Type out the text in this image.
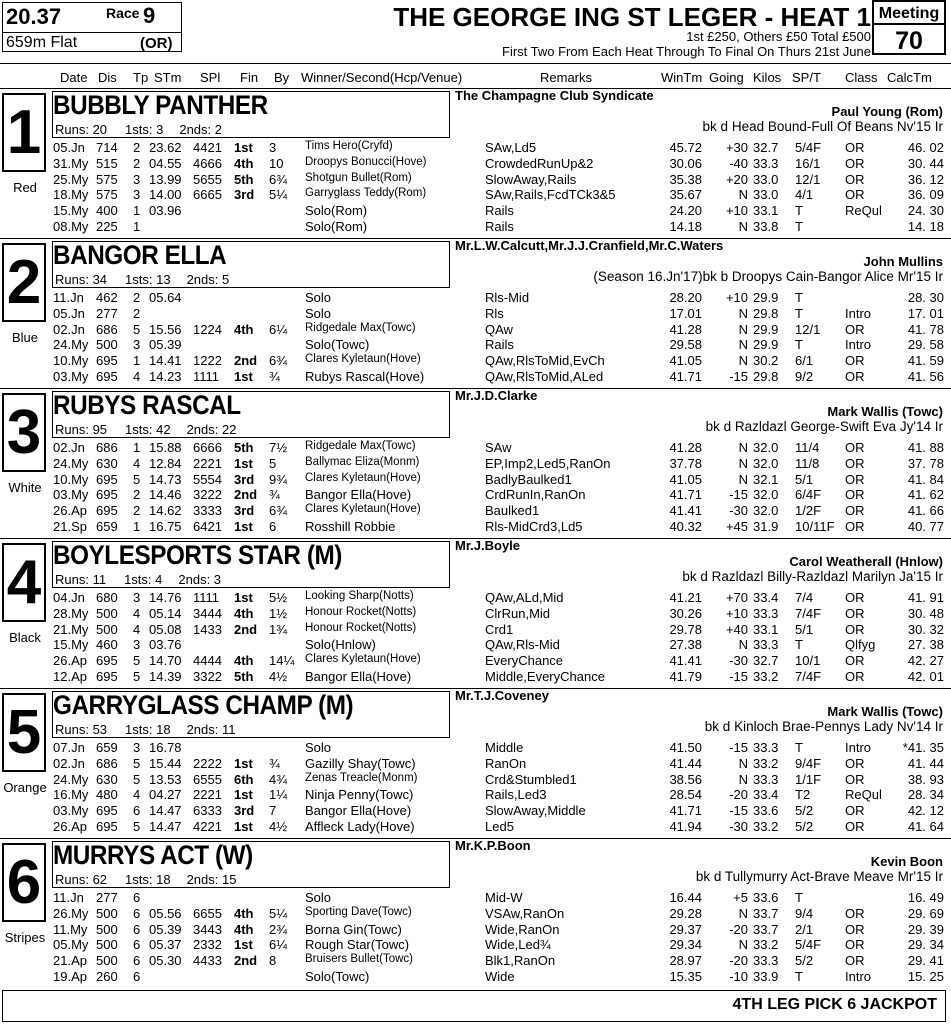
20.37	Race 9
659m Flat	(OR)
THE GEORGE ING ST LEGER - HEAT 1
1st £250, Others £50 Total £500
First Two From Each Heat Through To Final On Thurs 21st June
Meeting
70
Date Dis Tp STm SPl Fin By Winner/Second(Hcp/Venue)	Remarks	WinTm Going Kilos SP/T Class CalcTm
1
Red
BUBBLY PANTHER
Runs: 20 1sts: 3 2nds: 2
The Champagne Club Syndicate
Paul Young (Rom)
bk d Head Bound-Full Of Beans Nv'15 Ir
05.Jn 714 2 23.62 4421 1st 3	Tims Hero(Cryfd)	SAw,Ld5	45.72	+30 32.7 5/4F OR	46. 02
31.My 515 2 04.55 4666 4th 10 Droopys Bonucci(Hove)	CrowdedRunUp&2	30.06	-40 33.3 16/1 OR	30. 44
25.My 575 3 13.99 5655 5th 6¾ Shotgun Bullet(Rom)	SlowAway,Rails	35.38	+20 33.0 12/1 OR	36. 12
18.My 575 3 14.00 6665 3rd 5¼ Garryglass Teddy(Rom)	SAw,Rails,FcdTCk3&5	35.67	N 33.0 4/1 OR	36. 09
15.My 400 1 03.96	Solo(Rom)	Rails	24.20	+10 33.1 T	ReQul	24. 30
08.My 225 1	Solo(Rom)	Rails	14.18	N 33.8 T	14. 18
2
Blue
BANGOR ELLA
Runs: 34 1sts: 13 2nds: 5
Mr.L.W.Calcutt,Mr.J.J.Cranfield,Mr.C.Waters
John Mullins
(Season 16.Jn'17)bk b Droopys Cain-Bangor Alice Mr'15 Ir
11.Jn 462 2 05.64	Solo	Rls-Mid	28.20	+10 29.9 T	28. 30
05.Jn 277 2	Solo	Rls	17.01	N 29.8 T	Intro	17. 01
02.Jn 686 5 15.56 1224 4th 6¼ Ridgedale Max(Towc)	QAw	41.28	N 29.9 12/1 OR	41. 78
24.My 500 3 05.39	Solo(Towc)	Rails	29.58	N 29.9 T	Intro	29. 58
10.My 695 1 14.41 1222 2nd 6¾ Clares Kyletaun(Hove)	QAw,RlsToMid,EvCh	41.05	N 30.2 6/1 OR	41. 59
03.My 695 4 14.23 1111 1st ¾ Rubys Rascal(Hove)	QAw,RlsToMid,ALed	41.71	-15 29.8 9/2 OR	41. 56
3
White
RUBYS RASCAL
Runs: 95 1sts: 42 2nds: 22
Mr.J.D.Clarke
Mark Wallis (Towc)
bk d Razldazl George-Swift Eva Jy'14 Ir
02.Jn 686 1 15.88 6666 5th 7½ Ridgedale Max(Towc)	SAw	41.28	N 32.0 11/4 OR	41. 88
24.My 630 4 12.84 2221 1st 5	Ballymac Eliza(Monm)	EP,Imp2,Led5,RanOn	37.78	N 32.0 11/8 OR	37. 78
10.My 695 5 14.73 5554 3rd 9¾ Clares Kyletaun(Hove)	BadlyBaulked1	41.05	N 32.1 5/1 OR	41. 84
03.My 695 2 14.46 3222 2nd ¾ Bangor Ella(Hove)	CrdRunIn,RanOn	41.71	-15 32.0 6/4F OR	41. 62
26.Ap 695 2 14.62 3333 3rd 6¾ Clares Kyletaun(Hove)	Baulked1	41.41	-30 32.0 1/2F OR	41. 66
21.Sp 659 1 16.75 6421 1st 6 Rosshill Robbie	Rls-MidCrd3,Ld5	40.32	+45 31.9 10/11F OR	40. 77
4
Black
BOYLESPORTS STAR (M)
Runs: 11 1sts: 4 2nds: 3
Mr.J.Boyle
Carol Weatherall (Hnlow)
bk d Razldazl Billy-Razldazl Marilyn Ja'15 Ir
04.Jn 680 3 14.76 1111 1st 5½ Looking Sharp(Notts)	QAw,ALd,Mid	41.21	+70 33.4 7/4 OR	41. 91
28.My 500 4 05.14 3444 4th 1½ Honour Rocket(Notts)	ClrRun,Mid	30.26	+10 33.3 7/4F OR	30. 48
21.My 500 4 05.08 1433 2nd 1¾ Honour Rocket(Notts)	Crd1	29.78	+40 33.1 5/1 OR	30. 32
15.My 460 3 03.76	Solo(Hnlow)	QAw,Rls-Mid	27.38	N 33.3 T	Qlfyg	27. 38
26.Ap 695 5 14.70 4444 4th 14¼ Clares Kyletaun(Hove)	EveryChance	41.41	-30 32.7 10/1 OR	42. 27
12.Ap 695 5 14.39 3322 5th 4½ Bangor Ella(Hove)	Middle,EveryChance	41.79	-15 33.2 7/4F OR	42. 01
5
Orange
GARRYGLASS CHAMP (M)
Runs: 53 1sts: 18 2nds: 11
Mr.T.J.Coveney
Mark Wallis (Towc)
bk d Kinloch Brae-Pennys Lady Nv'14 Ir
07.Jn 659 3 16.78	Solo	Middle	41.50	-15 33.3 T	Intro	*41. 35
02.Jn 686 5 15.44 2222 1st ¾ Gazilly Shay(Towc)	RanOn	41.44	N 33.2 9/4F OR	41. 44
24.My 630 5 13.53 6555 6th 4¾ Zenas Treacle(Monm)	Crd&Stumbled1	38.56	N 33.3 1/1F OR	38. 93
16.My 480 4 04.27 2221 1st 1¼ Ninja Penny(Towc)	Rails,Led3	28.54	-20 33.4 T2	ReQul	28. 34
03.My 695 6 14.47 6333 3rd 7 Bangor Ella(Hove)	SlowAway,Middle	41.71	-15 33.6 5/2 OR	42. 12
26.Ap 695 5 14.47 4221 1st 4½ Affleck Lady(Hove)	Led5	41.94	-30 33.2 5/2 OR	41. 64
6
Stripes
MURRYS ACT (W)
Runs: 62 1sts: 18 2nds: 15
Mr.K.P.Boon
Kevin Boon
bk d Tullymurry Act-Brave Meave Mr'15 Ir
11.Jn 277 6	Solo	Mid-W	16.44	+5 33.6 T	16. 49
26.My 500 6 05.56 6655 4th 5¼ Sporting Dave(Towc)	VSAw,RanOn	29.28	N 33.7 9/4 OR	29. 69
11.My 500 6 05.39 3443 4th 2¾ Borna Gin(Towc)	Wide,RanOn	29.37	-20 33.7 2/1 OR	29. 39
05.My 500 6 05.37 2332 1st 6¼ Rough Star(Towc)	Wide,Led¾	29.34	N 33.2 5/4F OR	29. 34
21.Ap 500 6 05.30 4433 2nd 8	Bruisers Bullet(Towc)	Blk1,RanOn	28.97	-20 33.3 5/2 OR	29. 41
19.Ap 260 6	Solo(Towc)	Wide	15.35	-10 33.9 T	Intro	15. 25
4TH LEG PICK 6 JACKPOT
